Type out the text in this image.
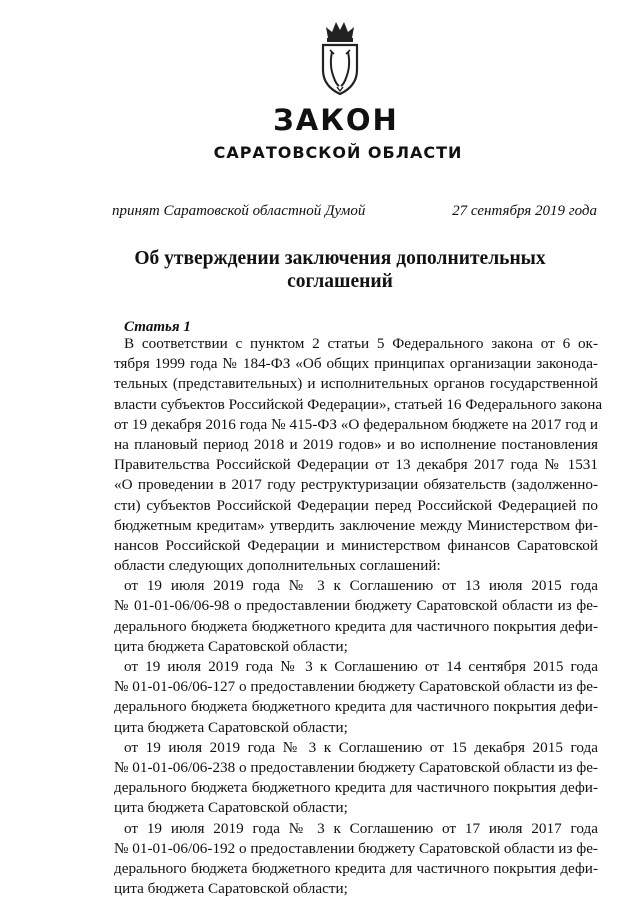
ЗАКОН
САРАТОВСКОЙ ОБЛАСТИ
принят Саратовской областной Думой	27 сентября 2019 года
Об утверждении заключения дополнительных
соглашений
Статья 1
В соответствии с пунктом 2 статьи 5 Федерального закона от 6 ок-
тября 1999 года № 184-ФЗ «Об общих принципах организации законода-
тельных (представительных) и исполнительных органов государственной
власти субъектов Российской Федерации», статьей 16 Федерального закона
от 19 декабря 2016 года № 415-ФЗ «О федеральном бюджете на 2017 год и
на плановый период 2018 и 2019 годов» и во исполнение постановления
Правительства Российской Федерации от 13 декабря 2017 года № 1531
«О проведении в 2017 году реструктуризации обязательств (задолженно-
сти) субъектов Российской Федерации перед Российской Федерацией по
бюджетным кредитам» утвердить заключение между Министерством фи-
нансов Российской Федерации и министерством финансов Саратовской
области следующих дополнительных соглашений:
от 19 июля 2019 года № 3 к Соглашению от 13 июля 2015 года
№ 01-01-06/06-98 о предоставлении бюджету Саратовской области из фе-
дерального бюджета бюджетного кредита для частичного покрытия дефи-
цита бюджета Саратовской области;
от 19 июля 2019 года № 3 к Соглашению от 14 сентября 2015 года
№ 01-01-06/06-127 о предоставлении бюджету Саратовской области из фе-
дерального бюджета бюджетного кредита для частичного покрытия дефи-
цита бюджета Саратовской области;
от 19 июля 2019 года № 3 к Соглашению от 15 декабря 2015 года
№ 01-01-06/06-238 о предоставлении бюджету Саратовской области из фе-
дерального бюджета бюджетного кредита для частичного покрытия дефи-
цита бюджета Саратовской области;
от 19 июля 2019 года № 3 к Соглашению от 17 июля 2017 года
№ 01-01-06/06-192 о предоставлении бюджету Саратовской области из фе-
дерального бюджета бюджетного кредита для частичного покрытия дефи-
цита бюджета Саратовской области;
